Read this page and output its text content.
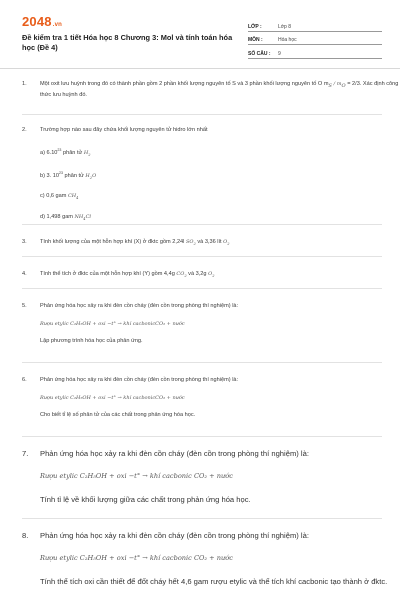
2048.vn
Đề kiểm tra 1 tiết Hóa học 8 Chương 3: Mol và tính toán hóa học (Đề 4)
LỚP :	Lớp 8
MÔN :	Hóa học
SỐ CÂU :	9
1. Một oxit lưu huỳnh trong đó có thành phần gồm 2 phần khối lượng nguyên tố S và 3 phần khối lượng nguyên tố O $m_S / m_O = 2/3$. Xác định công thức lưu huỳnh đó.
2. Trường hợp nào sau đây chứa khối lượng nguyên tử hidro lớn nhất
a) 6.10$^{23}$ phân tử $H_2$
b) 3. $10^{23}$ phân tử $H_2O$
c) 0,6 gam $CH_4$
d) 1,498 gam $NH_4Cl$
3. Tính khối lượng của một hỗn hợp khí (X) ở đktc gồm 2,24l $SO_2$ và 3,36 lít $O_2$
4. Tính thể tích ở đktc của một hỗn hợp khí (Y) gồm 4,4g $CO_2$ và 3,2g $O_2$
5. Phản ứng hóa học xảy ra khi đèn cồn cháy (đèn cồn trong phòng thí nghiệm) là:
Rượu etylic C₂H₅OH + oxi −t° → khí cacbonicCO₂ + nước
Lập phương trình hóa học của phản ứng.
6. Phản ứng hóa học xảy ra khi đèn cồn cháy (đèn cồn trong phòng thí nghiệm) là:
Rượu etylic C₂H₅OH + oxi −t° → khí cacbonicCO₂ + nước
Cho biết tỉ lệ số phân tử của các chất trong phản ứng hóa học.
7. Phản ứng hóa học xảy ra khi đèn cồn cháy (đèn cồn trong phòng thí nghiệm) là:
Rượu etylic C₂H₅OH + oxi −t° → khí cacbonic CO₂ + nước
Tính tỉ lệ về khối lượng giữa các chất trong phản ứng hóa học.
8. Phản ứng hóa học xảy ra khi đèn cồn cháy (đèn cồn trong phòng thí nghiệm) là:
Rượu etylic C₂H₅OH + oxi −t° → khí cacbonic CO₂ + nước
Tính thể tích oxi cần thiết để đốt cháy hết 4,6 gam rượu etylic và thể tích khí cacbonic tạo thành ở đktc.
